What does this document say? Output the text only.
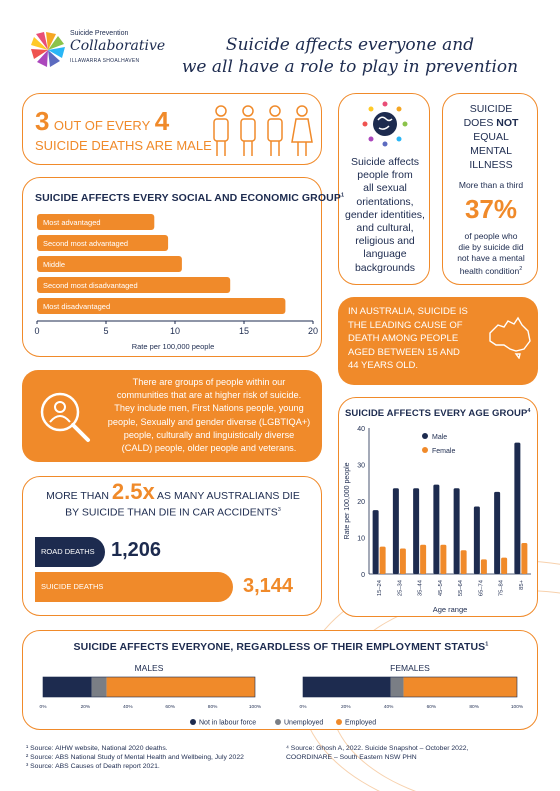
Suicide Prevention
Collaborative
ILLAWARRA SHOALHAVEN
Suicide affects everyone and
we all have a role to play in prevention
3 OUT OF EVERY 4
SUICIDE DEATHS ARE MALE
Suicide affects
people from
all sexual
orientations,
gender identities,
and cultural,
religious and
language
backgrounds
SUICIDE
DOES NOT
EQUAL
MENTAL
ILLNESS
More than a third
37%
of people who
die by suicide did
not have a mental
health condition$^2$
SUICIDE AFFECTS EVERY SOCIAL AND ECONOMIC GROUP$^1$
Most advantaged
Second most advantaged
Middle
Second most disadvantaged
Most disadvantaged
0	5	10	15	20
Rate per 100,000 people
IN AUSTRALIA, SUICIDE IS
THE LEADING CAUSE OF
DEATH AMONG PEOPLE
AGED BETWEEN 15 AND
44 YEARS OLD.
There are groups of people within our
communities that are at higher risk of suicide.
They include men, First Nations people, young
people, Sexually and gender diverse (LGBTIQA+)
people, culturally and linguistically diverse
(CALD) people, older people and veterans.
SUICIDE AFFECTS EVERY AGE GROUP$^4$
0
10
20
30
40
15–24 25–34 35–44 45–54 55–64 65–74 75–84 85+
Rate per 100,000 people
Age range
Male
Female
MORE THAN 2.5x AS MANY AUSTRALIANS DIE
BY SUICIDE THAN DIE IN CAR ACCIDENTS$^3$
ROAD DEATHS 1,206
SUICIDE DEATHS	3,144
SUICIDE AFFECTS EVERYONE, REGARDLESS OF THEIR EMPLOYMENT STATUS$^1$
MALES
0%	20%	40%	60%	80%	100%
FEMALES
0%	20%	40%	60%	80%	100%
Not in labour force	Unemployed	Employed
¹ Source: AIHW website, National 2020 deaths.
² Source: ABS National Study of Mental Health and Wellbeing, July 2022
³ Source: ABS Causes of Death report 2021.
⁴ Source: Ghosh A, 2022. Suicide Snapshot – October 2022,
COORDINARE – South Eastern NSW PHN
